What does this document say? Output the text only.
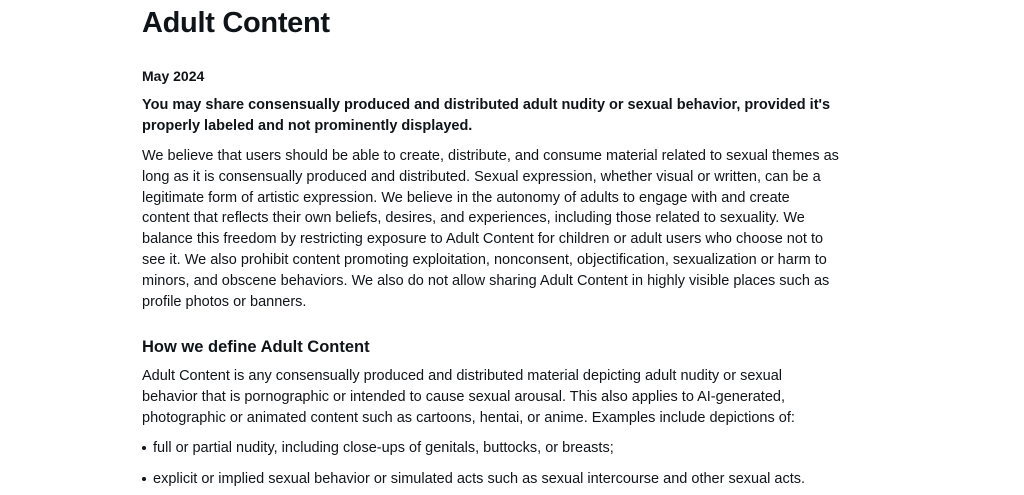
Adult Content

May 2024

You may share consensually produced and distributed adult nudity or sexual behavior, provided it's properly labeled and not prominently displayed.

We believe that users should be able to create, distribute, and consume material related to sexual themes as long as it is consensually produced and distributed. Sexual expression, whether visual or written, can be a legitimate form of artistic expression. We believe in the autonomy of adults to engage with and create content that reflects their own beliefs, desires, and experiences, including those related to sexuality. We balance this freedom by restricting exposure to Adult Content for children or adult users who choose not to see it. We also prohibit content promoting exploitation, nonconsent, objectification, sexualization or harm to minors, and obscene behaviors. We also do not allow sharing Adult Content in highly visible places such as profile photos or banners.

How we define Adult Content

Adult Content is any consensually produced and distributed material depicting adult nudity or sexual behavior that is pornographic or intended to cause sexual arousal. This also applies to AI-generated, photographic or animated content such as cartoons, hentai, or anime. Examples include depictions of:

full or partial nudity, including close-ups of genitals, buttocks, or breasts;
explicit or implied sexual behavior or simulated acts such as sexual intercourse and other sexual acts.
